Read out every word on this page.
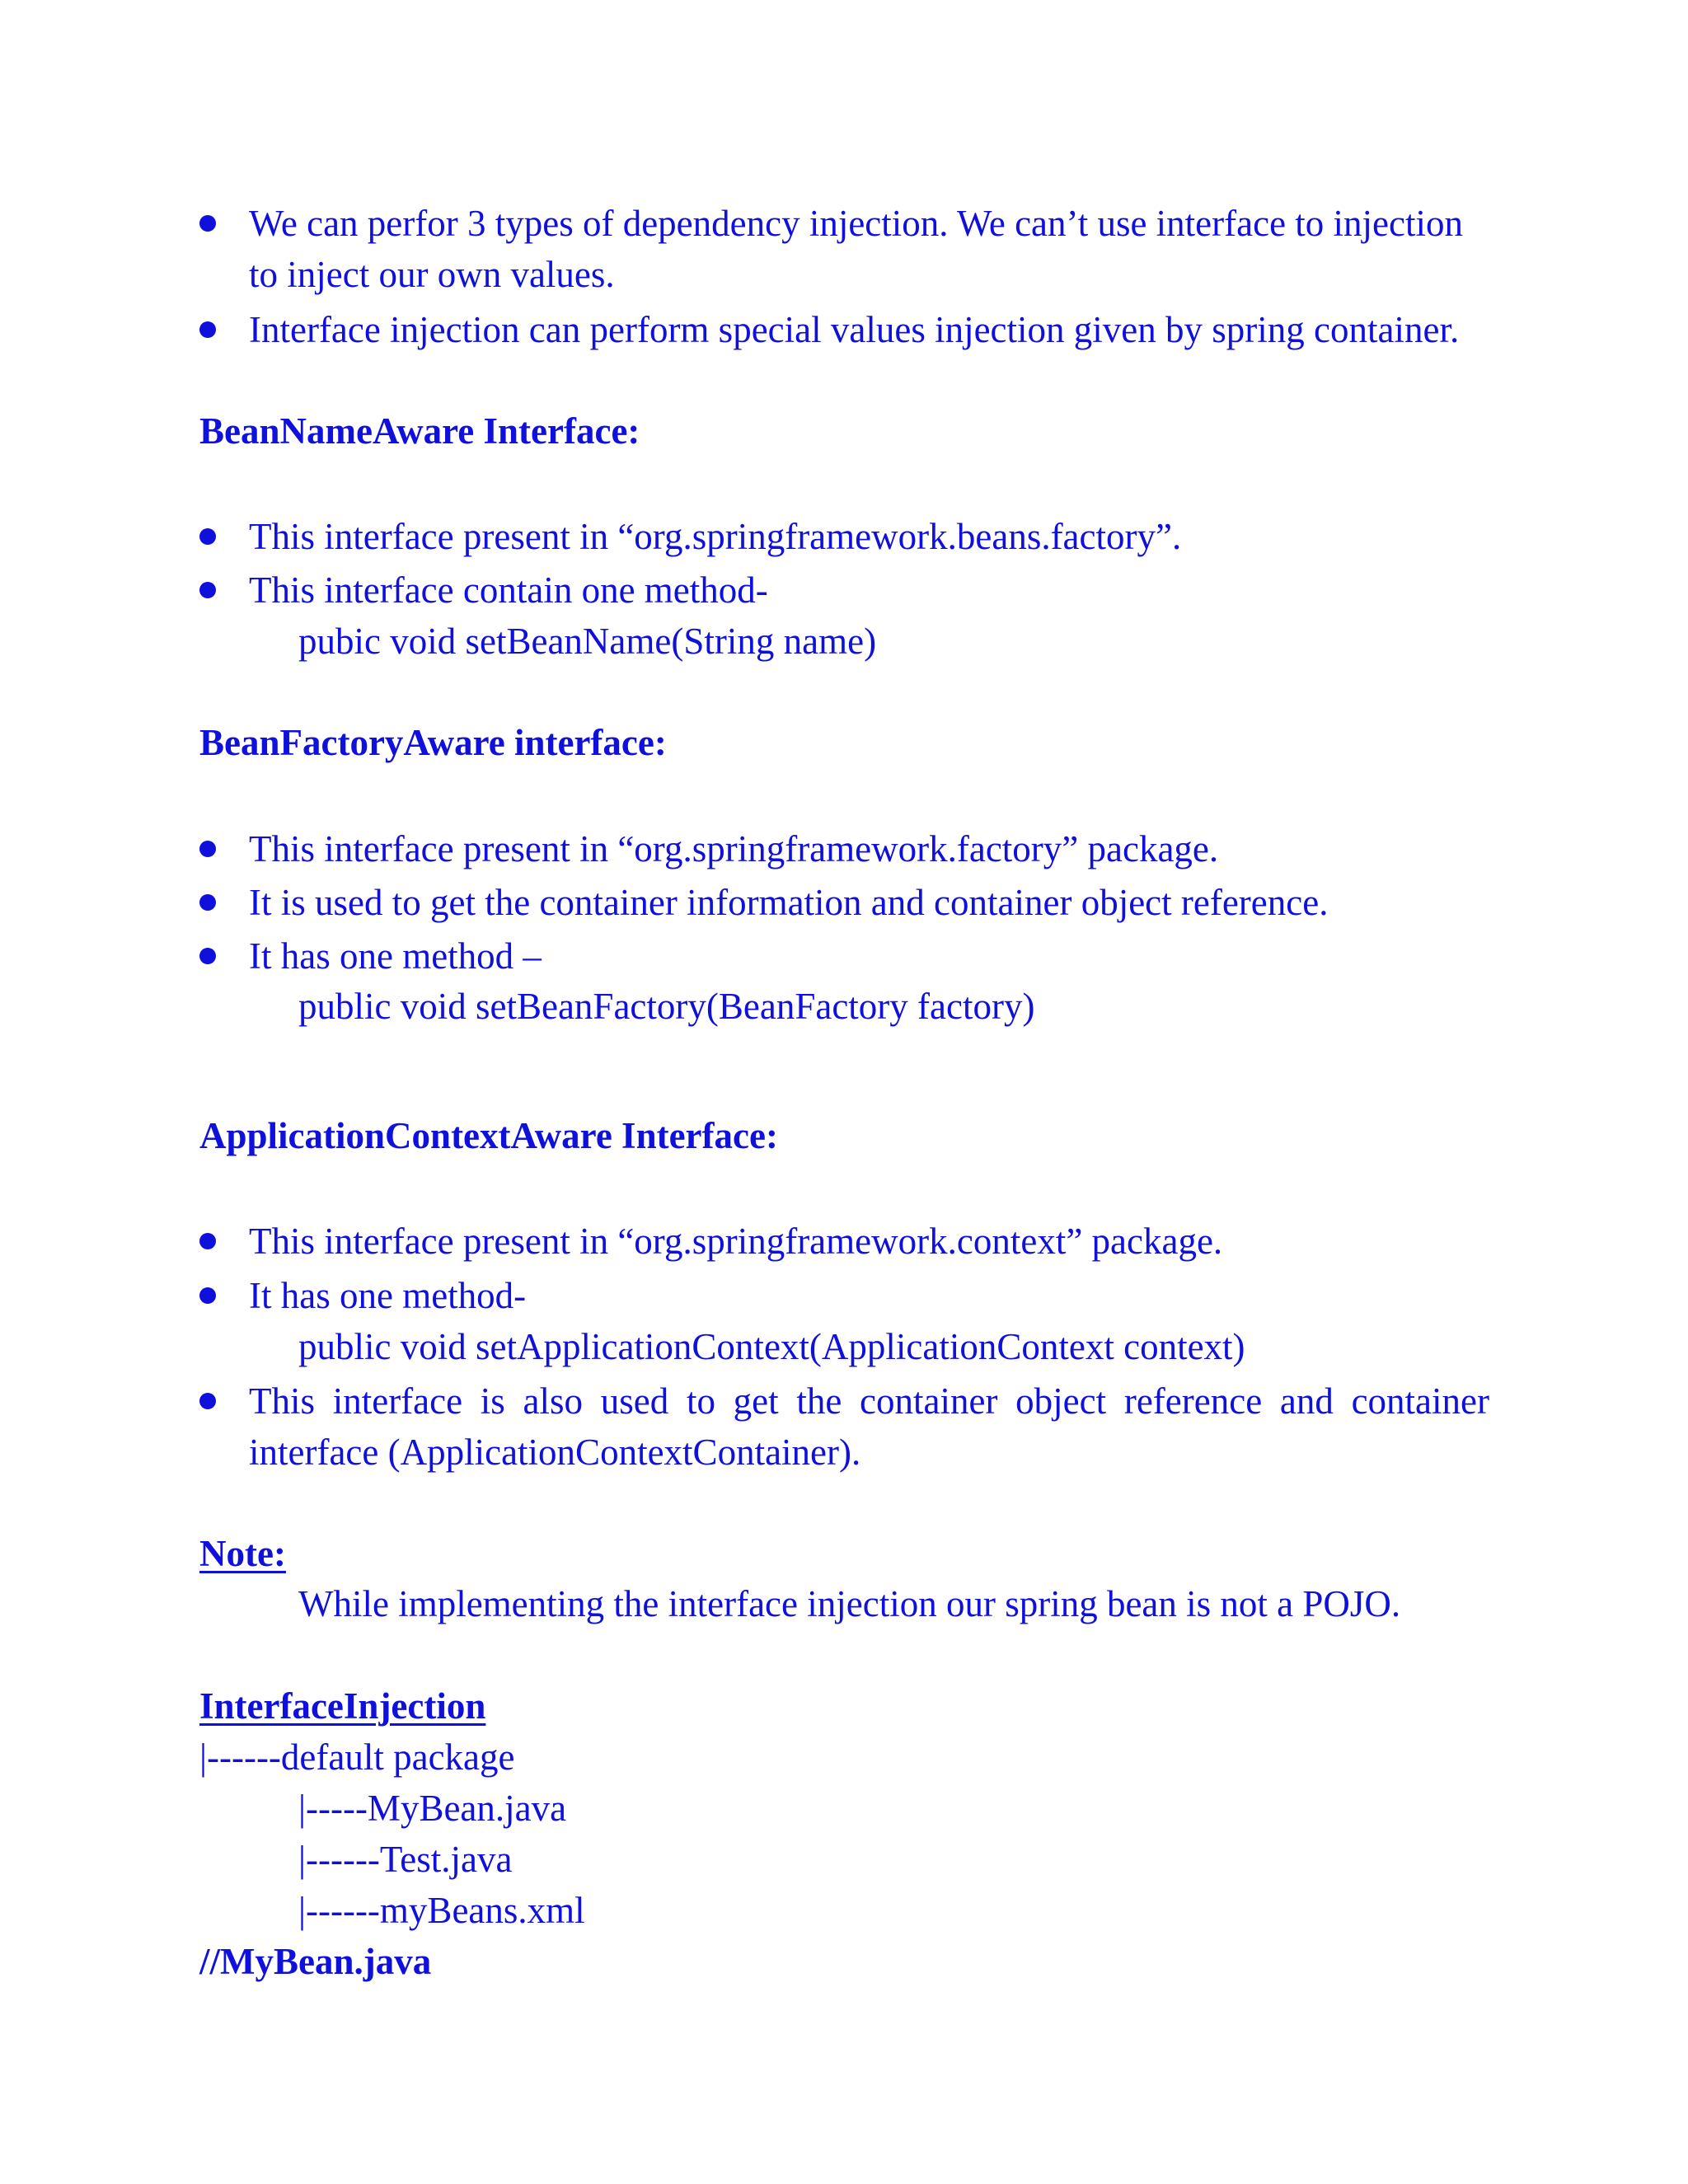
We can perfor 3 types of dependency injection. We can’t use interface to injection
to inject our own values.
Interface injection can perform special values injection given by spring container.
BeanNameAware Interface:
This interface present in “org.springframework.beans.factory”.
This interface contain one method-
pubic void setBeanName(String name)
BeanFactoryAware interface:
This interface present in “org.springframework.factory” package.
It is used to get the container information and container object reference.
It has one method –
public void setBeanFactory(BeanFactory factory)
ApplicationContextAware Interface:
This interface present in “org.springframework.context” package.
It has one method-
public void setApplicationContext(ApplicationContext context)
This interface is also used to get the container object reference and container
interface (ApplicationContextContainer).
Note:
While implementing the interface injection our spring bean is not a POJO.
InterfaceInjection
|------default package
|-----MyBean.java
|------Test.java
|------myBeans.xml
//MyBean.java
